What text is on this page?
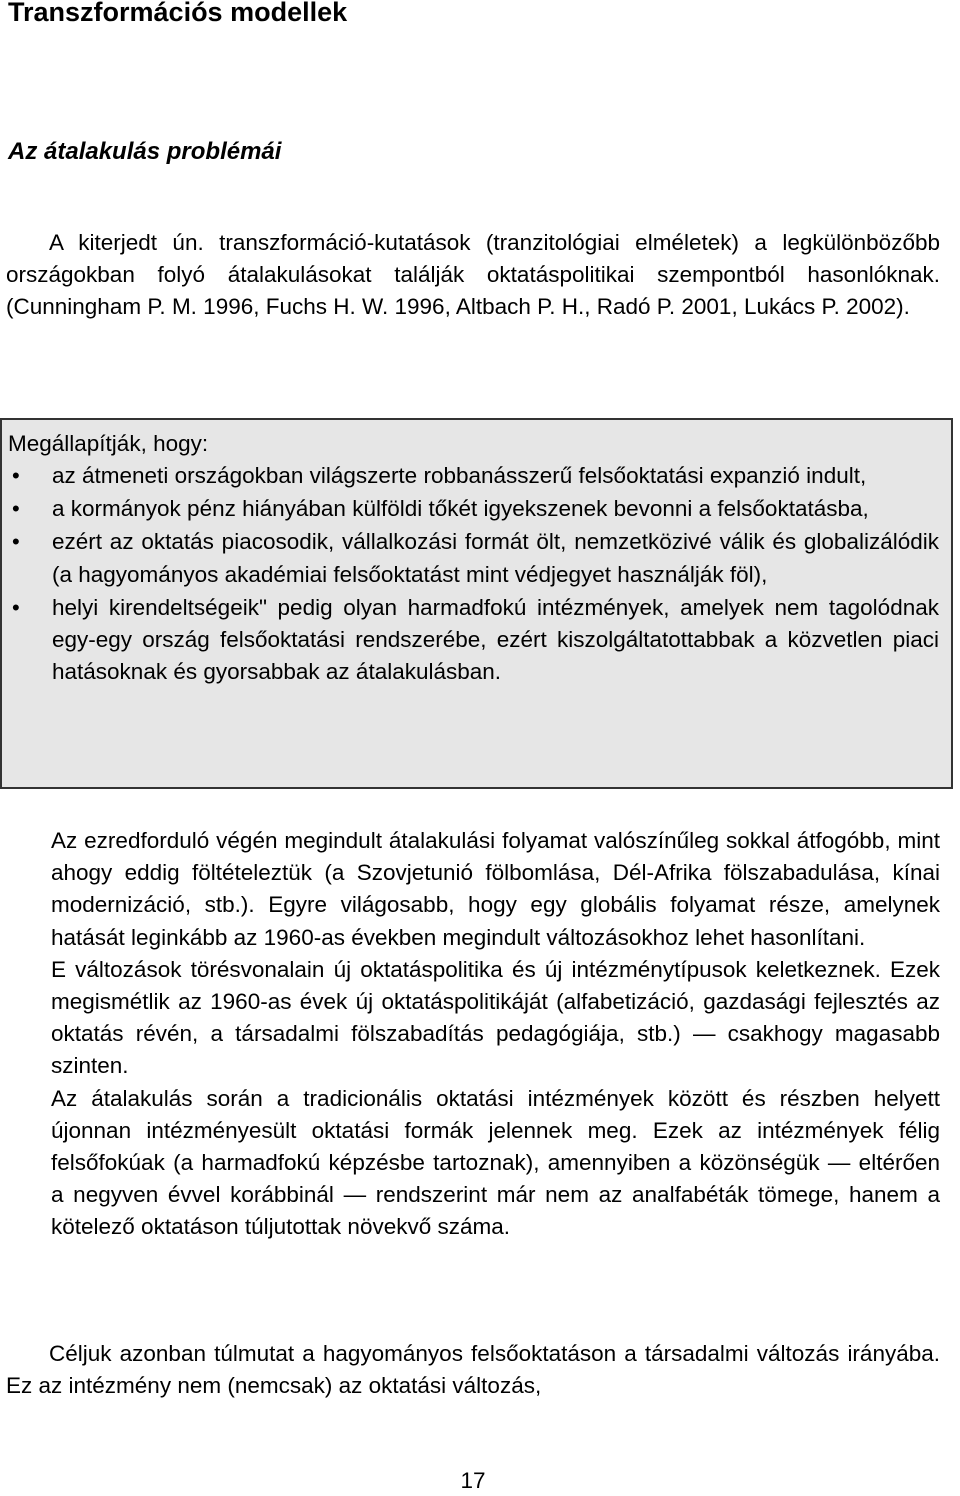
Transzformációs modellek
Az átalakulás problémái

A kiterjedt ún. transzformáció-kutatások (tranzitológiai elméletek) a legkülönbözőbb országokban folyó átalakulásokat találják oktatáspolitikai szempontból hasonlóknak. (Cunningham P. M. 1996, Fuchs H. W. 1996, Altbach P. H., Radó P. 2001, Lukács P. 2002).

Megállapítják, hogy:

• az átmeneti országokban világszerte robbanásszerű felsőoktatási expanzió indult,
• a kormányok pénz hiányában külföldi tőkét igyekszenek bevonni a felsőoktatásba,
• ezért az oktatás piacosodik, vállalkozási formát ölt, nemzetközivé válik és globalizálódik (a hagyományos akadémiai felsőoktatást mint védjegyet használják föl),
• helyi kirendeltségeik" pedig olyan harmadfokú intézmények, amelyek nem tagolódnak egy-egy ország felsőoktatási rendszerébe, ezért kiszolgáltatottabbak a közvetlen piaci hatásoknak és gyorsabbak az átalakulásban.
Az ezredforduló végén megindult átalakulási folyamat valószínűleg sokkal átfogóbb, mint ahogy eddig föltételeztük (a Szovjetunió fölbomlása, Dél-Afrika fölszabadulása, kínai modernizáció, stb.). Egyre világosabb, hogy egy globális folyamat része, amelynek hatását leginkább az 1960-as években megindult változásokhoz lehet hasonlítani.
E változások törésvonalain új oktatáspolitika és új intézménytípusok keletkeznek. Ezek megismétlik az 1960-as évek új oktatáspolitikáját (alfabetizáció, gazdasági fejlesztés az oktatás révén, a társadalmi fölszabadítás pedagógiája, stb.) — csakhogy magasabb szinten.
Az átalakulás során a tradicionális oktatási intézmények között és részben helyett újonnan intézményesült oktatási formák jelennek meg. Ezek az intézmények félig felsőfokúak (a harmadfokú képzésbe tartoznak), amennyiben a közönségük — eltérően a negyven évvel korábbinál — rendszerint már nem az analfabéták tömege, hanem a kötelező oktatáson túljutottak növekvő száma.

Céljuk azonban túlmutat a hagyományos felsőoktatáson a társadalmi változás irányába. Ez az intézmény nem (nemcsak) az oktatási változás,

17
